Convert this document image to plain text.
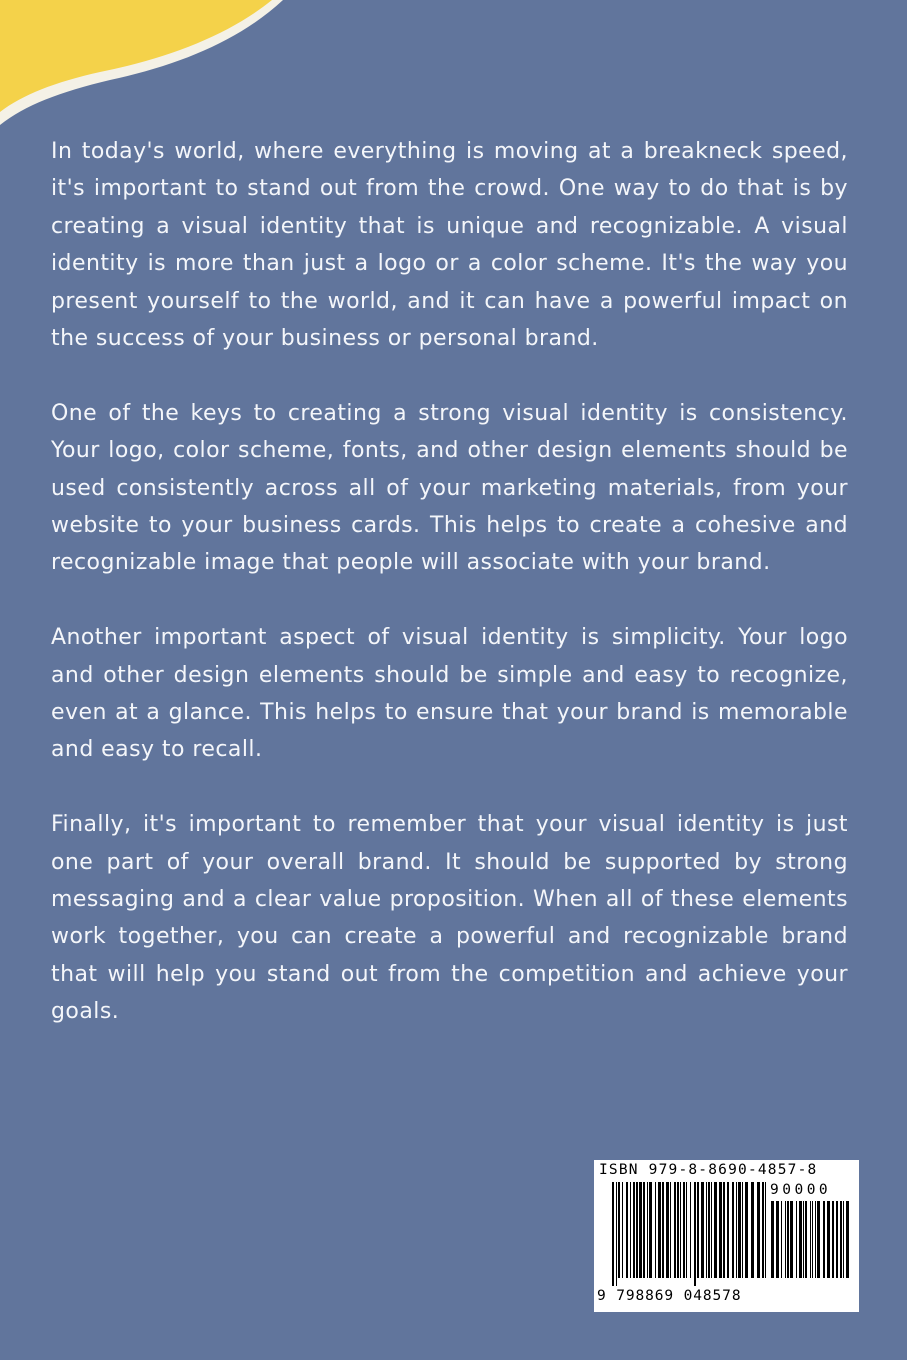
In today's world, where everything is moving at a breakneck speed, it's important to stand out from the crowd. One way to do that is by creating a visual identity that is unique and recognizable. A visual identity is more than just a logo or a color scheme. It's the way you present yourself to the world, and it can have a powerful impact on the success of your business or personal brand.

One of the keys to creating a strong visual identity is consistency. Your logo, color scheme, fonts, and other design elements should be used consistently across all of your marketing materials, from your website to your business cards. This helps to create a cohesive and recognizable image that people will associate with your brand.

Another important aspect of visual identity is simplicity. Your logo and other design elements should be simple and easy to recognize, even at a glance. This helps to ensure that your brand is memorable and easy to recall.

Finally, it's important to remember that your visual identity is just one part of your overall brand. It should be supported by strong messaging and a clear value proposition. When all of these elements work together, you can create a powerful and recognizable brand that will help you stand out from the competition and achieve your goals.

ISBN 979-8-8690-4857-8
90000
9 798869 048578
